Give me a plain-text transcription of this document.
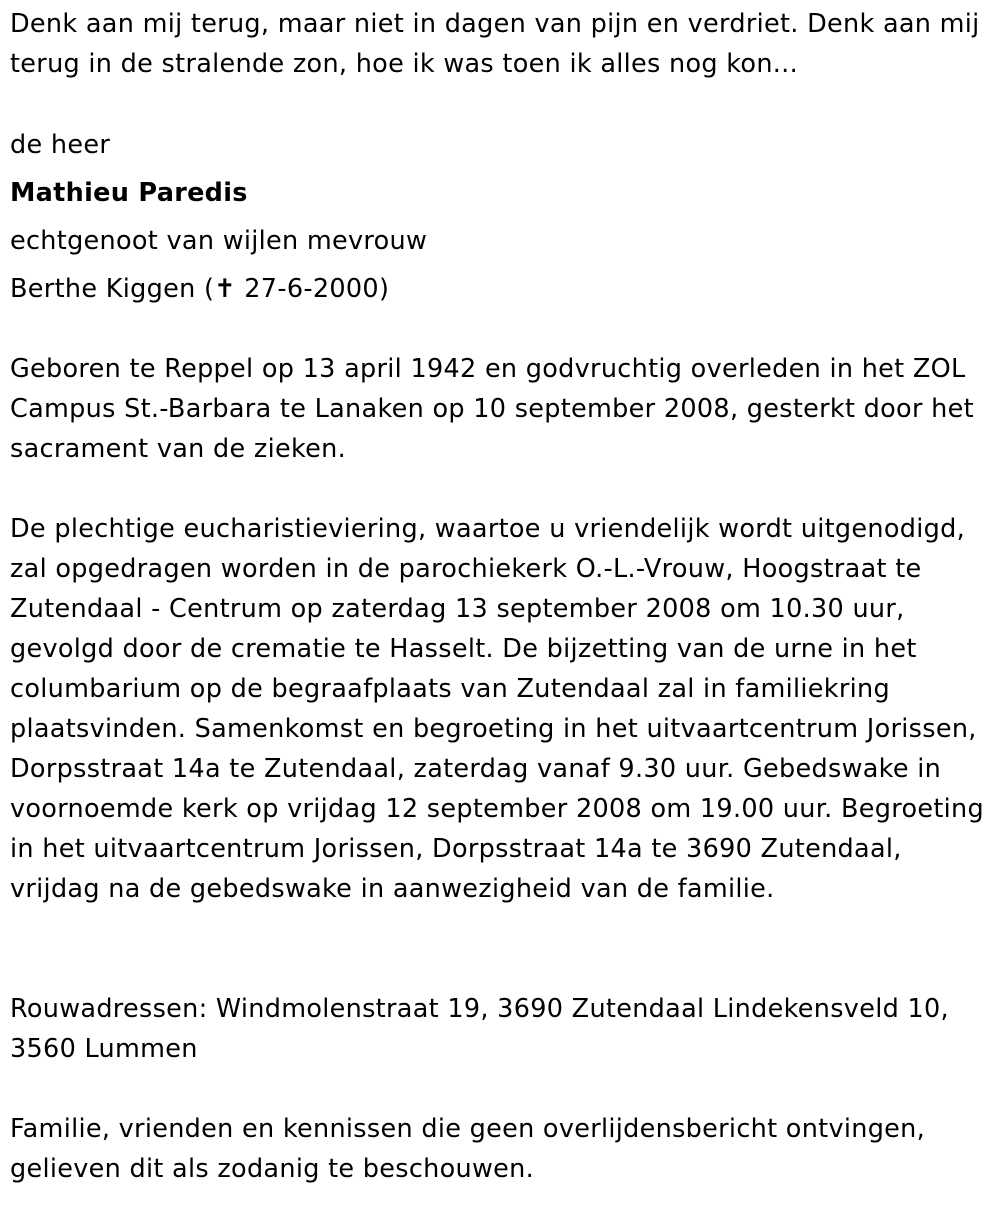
Denk aan mij terug, maar niet in dagen van pijn en verdriet. Denk aan mij terug in de stralende zon, hoe ik was toen ik alles nog kon...

de heer

Mathieu Paredis

echtgenoot van wijlen mevrouw

Berthe Kiggen (✝ 27-6-2000)

Geboren te Reppel op 13 april 1942 en godvruchtig overleden in het ZOL Campus St.-Barbara te Lanaken op 10 september 2008, gesterkt door het sacrament van de zieken.

De plechtige eucharistieviering, waartoe u vriendelijk wordt uitgenodigd, zal opgedragen worden in de parochiekerk O.-L.-Vrouw, Hoogstraat te Zutendaal - Centrum op zaterdag 13 september 2008 om 10.30 uur, gevolgd door de crematie te Hasselt. De bijzetting van de urne in het columbarium op de begraafplaats van Zutendaal zal in familiekring plaatsvinden. Samenkomst en begroeting in het uitvaartcentrum Jorissen, Dorpsstraat 14a te Zutendaal, zaterdag vanaf 9.30 uur. Gebedswake in voornoemde kerk op vrijdag 12 september 2008 om 19.00 uur. Begroeting in het uitvaartcentrum Jorissen, Dorpsstraat 14a te 3690 Zutendaal, vrijdag na de gebedswake in aanwezigheid van de familie.

Rouwadressen: Windmolenstraat 19, 3690 Zutendaal Lindekensveld 10, 3560 Lummen

Familie, vrienden en kennissen die geen overlijdensbericht ontvingen, gelieven dit als zodanig te beschouwen.
